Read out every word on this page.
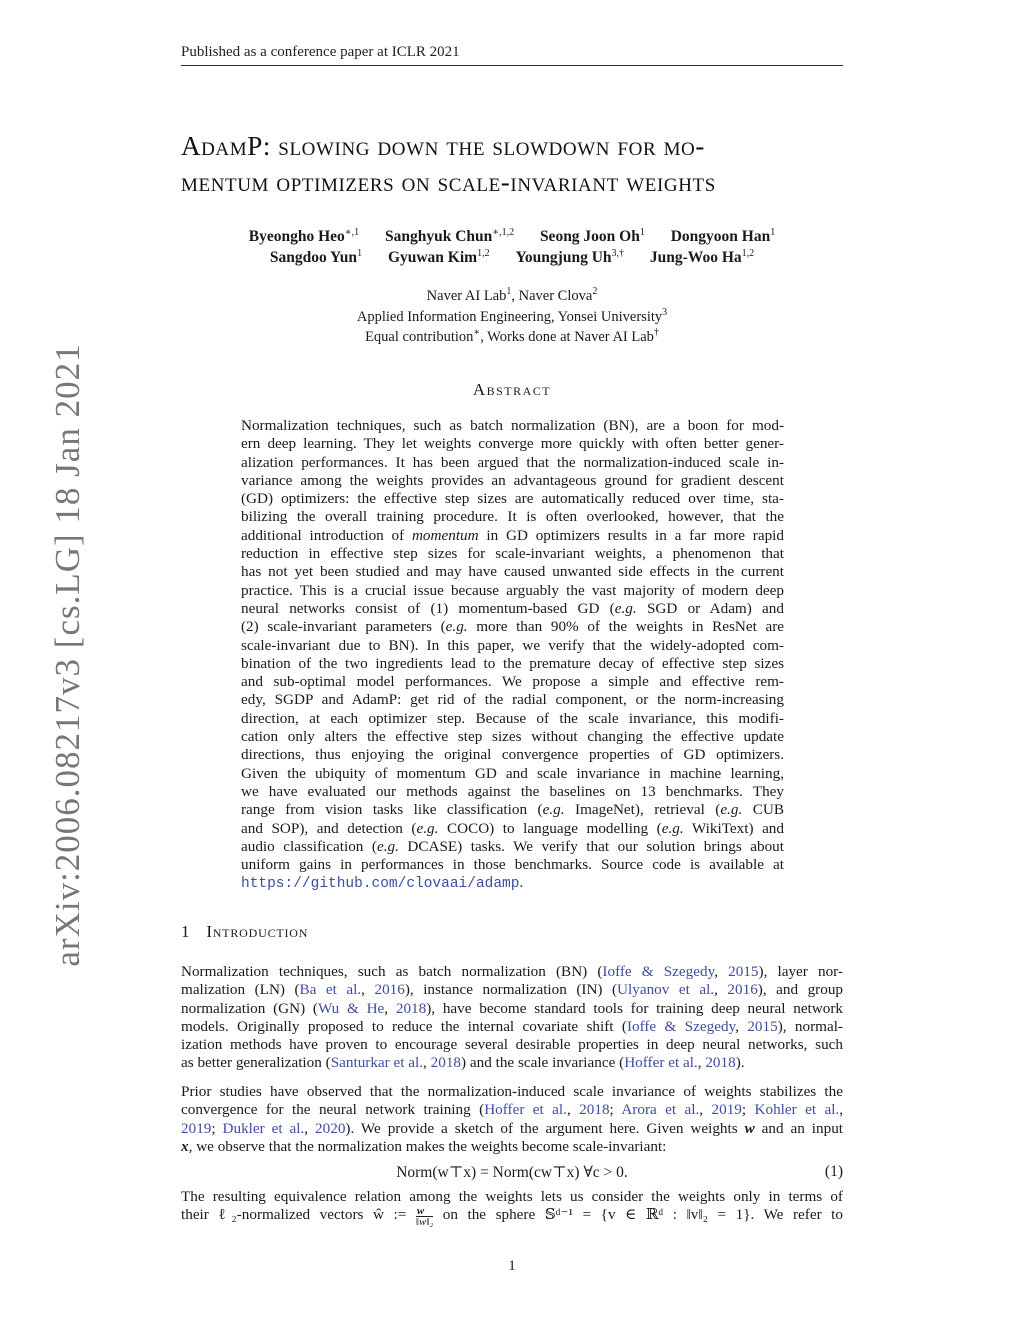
Published as a conference paper at ICLR 2021
arXiv:2006.08217v3 [cs.LG] 18 Jan 2021
AdamP: slowing down the slowdown for mo-
mentum optimizers on scale-invariant weights
Byeongho Heo$^{∗,1}$ Sanghyuk Chun$^{∗,1,2}$ Seong Joon Oh$^1$ Dongyoon Han$^1$
Sangdoo Yun$^1$ Gyuwan Kim$^{1,2}$ Youngjung $Uh^{3,\dagger}$ Jung-Woo Ha$^{1,2}$
Naver AI Lab$^1$, Naver Clova$^2$
Applied Information Engineering, Yonsei University$^3$
Equal contribution∗, Works done at Naver AI Lab†
Abstract
Normalization techniques, such as batch normalization (BN), are a boon for mod-
ern deep learning. They let weights converge more quickly with often better gener-
alization performances. It has been argued that the normalization-induced scale in-
variance among the weights provides an advantageous ground for gradient descent
(GD) optimizers: the effective step sizes are automatically reduced over time, sta-
bilizing the overall training procedure. It is often overlooked, however, that the
additional introduction of momentum in GD optimizers results in a far more rapid
reduction in effective step sizes for scale-invariant weights, a phenomenon that
has not yet been studied and may have caused unwanted side effects in the current
practice. This is a crucial issue because arguably the vast majority of modern deep
neural networks consist of (1) momentum-based GD (e.g. SGD or Adam) and
(2) scale-invariant parameters (e.g. more than 90% of the weights in ResNet are
scale-invariant due to BN). In this paper, we verify that the widely-adopted com-
bination of the two ingredients lead to the premature decay of effective step sizes
and sub-optimal model performances. We propose a simple and effective rem-
edy, SGDP and AdamP: get rid of the radial component, or the norm-increasing
direction, at each optimizer step. Because of the scale invariance, this modifi-
cation only alters the effective step sizes without changing the effective update
directions, thus enjoying the original convergence properties of GD optimizers.
Given the ubiquity of momentum GD and scale invariance in machine learning,
we have evaluated our methods against the baselines on 13 benchmarks. They
range from vision tasks like classification (e.g. ImageNet), retrieval (e.g. CUB
and SOP), and detection (e.g. COCO) to language modelling (e.g. WikiText) and
audio classification (e.g. DCASE) tasks. We verify that our solution brings about
uniform gains in performances in those benchmarks. Source code is available at
https://github.com/clovaai/adamp.
1 Introduction
Normalization techniques, such as batch normalization (BN) (Ioffe & Szegedy, 2015), layer nor-
malization (LN) (Ba et al., 2016), instance normalization (IN) (Ulyanov et al., 2016), and group
normalization (GN) (Wu & He, 2018), have become standard tools for training deep neural network
models. Originally proposed to reduce the internal covariate shift (Ioffe & Szegedy, 2015), normal-
ization methods have proven to encourage several desirable properties in deep neural networks, such
as better generalization (Santurkar et al., 2018) and the scale invariance (Hoffer et al., 2018).
Prior studies have observed that the normalization-induced scale invariance of weights stabilizes the
convergence for the neural network training (Hoffer et al., 2018; Arora et al., 2019; Kohler et al.,
2019; Dukler et al., 2020). We provide a sketch of the argument here. Given weights w and an input
x, we observe that the normalization makes the weights become scale-invariant:
Norm(w⊤x) = Norm(cw⊤x) ∀c > 0.	(1)
The resulting equivalence relation among the weights lets us consider the weights only in terms of
their ℓ₂-normalized vectors ŵ := $\frac{w}{\text{‖w‖₂}}$ on the sphere 𝕊ᵈ⁻¹ = {v ∈ ℝᵈ : ‖v‖₂ = 1}. We refer to
1
